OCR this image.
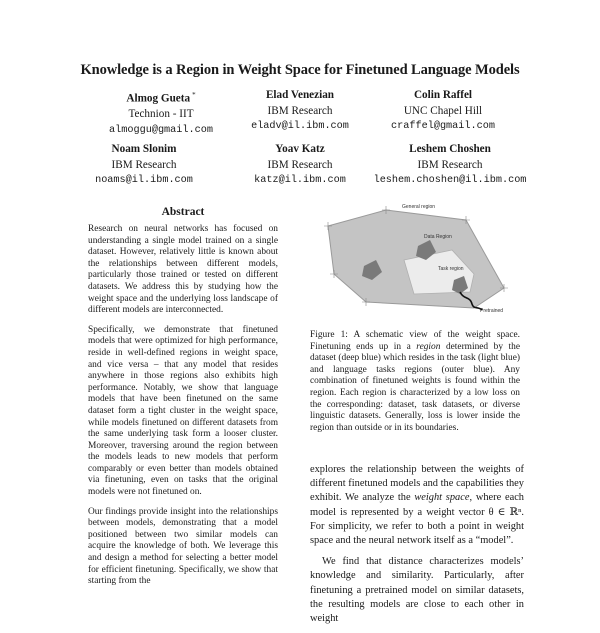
Knowledge is a Region in Weight Space for Finetuned Language Models
Almog Gueta *
Technion - IIT
almoggu@gmail.com
Elad Venezian
IBM Research
eladv@il.ibm.com
Colin Raffel
UNC Chapel Hill
craffel@gmail.com
Noam Slonim
IBM Research
noams@il.ibm.com
Yoav Katz
IBM Research
katz@il.ibm.com
Leshem Choshen
IBM Research
leshem.choshen@il.ibm.com
Abstract

Research on neural networks has focused on understanding a single model trained on a single dataset. However, relatively little is known about the relationships between different models, particularly those trained or tested on different datasets. We address this by studying how the weight space and the underlying loss landscape of different models are interconnected.

Specifically, we demonstrate that finetuned models that were optimized for high performance, reside in well-defined regions in weight space, and vice versa – that any model that resides anywhere in those regions also exhibits high performance. Notably, we show that language models that have been finetuned on the same dataset form a tight cluster in the weight space, while models finetuned on different datasets from the same underlying task form a looser cluster. Moreover, traversing around the region between the models leads to new models that perform comparably or even better than models obtained via finetuning, even on tasks that the original models were not finetuned on.

Our findings provide insight into the relationships between models, demonstrating that a model positioned between two similar models can acquire the knowledge of both. We leverage this and design a method for selecting a better model for efficient finetuning. Specifically, we show that starting from the

General region
Data Region
Task region
Pretrained
Figure 1: A schematic view of the weight space. Finetuning ends up in a region determined by the dataset (deep blue) which resides in the task (light blue) and language tasks regions (outer blue). Any combination of finetuned weights is found within the region. Each region is characterized by a low loss on the corresponding: dataset, task datasets, or diverse linguistic datasets. Generally, loss is lower inside the region than outside or in its boundaries.

explores the relationship between the weights of different finetuned models and the capabilities they exhibit. We analyze the weight space, where each model is represented by a weight vector θ ∈ ℝⁿ. For simplicity, we refer to both a point in weight space and the neural network itself as a “model”.

We find that distance characterizes models’ knowledge and similarity. Particularly, after finetuning a pretrained model on similar datasets, the resulting models are close to each other in weight
